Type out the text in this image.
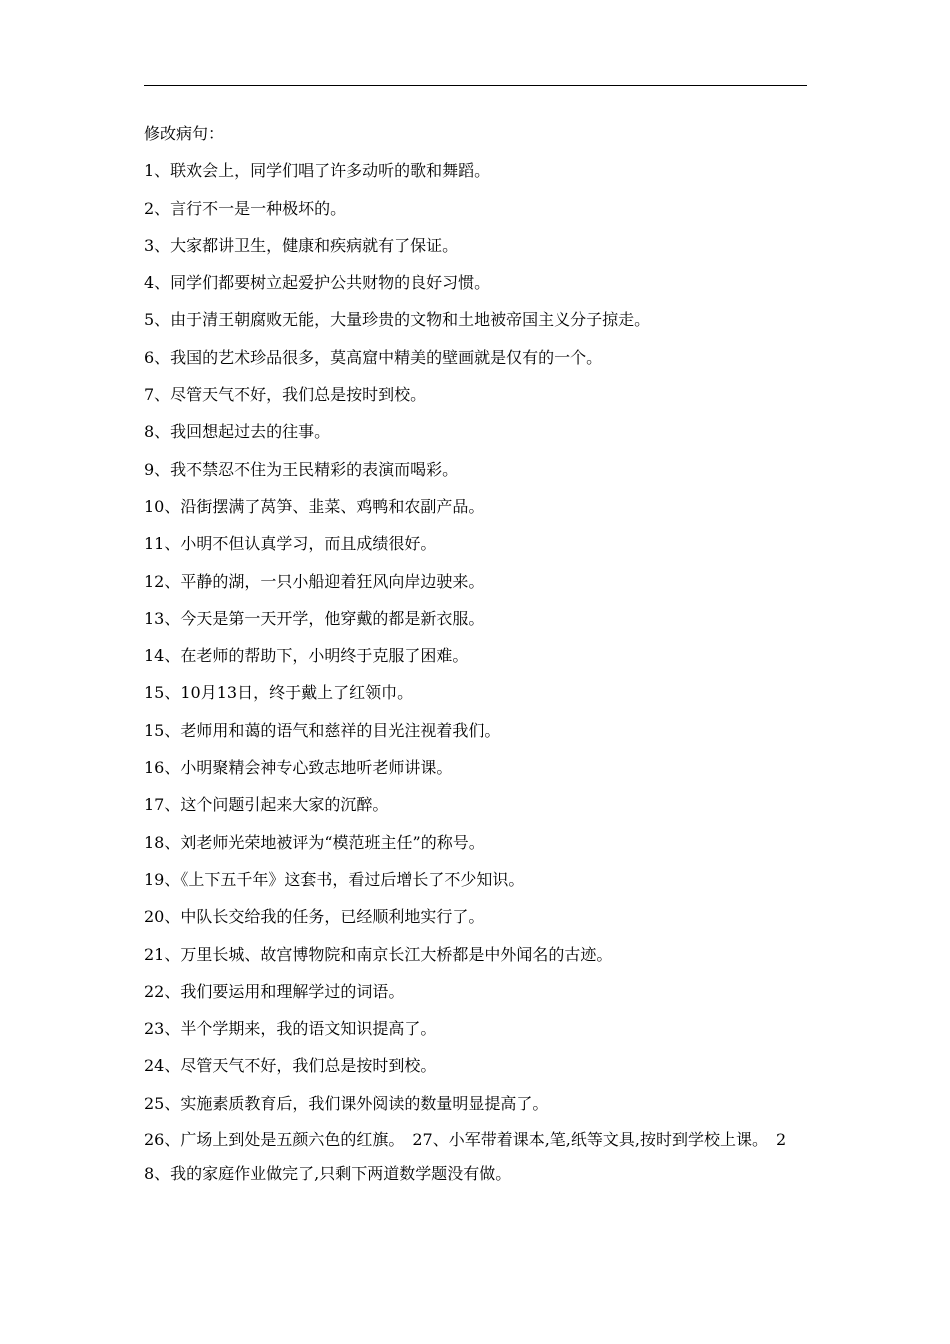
修改病句：
1、联欢会上，同学们唱了许多动听的歌和舞蹈。
2、言行不一是一种极坏的。
3、大家都讲卫生，健康和疾病就有了保证。
4、同学们都要树立起爱护公共财物的良好习惯。
5、由于清王朝腐败无能，大量珍贵的文物和土地被帝国主义分子掠走。
6、我国的艺术珍品很多，莫高窟中精美的壁画就是仅有的一个。
7、尽管天气不好，我们总是按时到校。
8、我回想起过去的往事。
9、我不禁忍不住为王民精彩的表演而喝彩。
10、沿街摆满了莴笋、韭菜、鸡鸭和农副产品。
11、小明不但认真学习，而且成绩很好。
12、平静的湖，一只小船迎着狂风向岸边驶来。
13、今天是第一天开学，他穿戴的都是新衣服。
14、在老师的帮助下，小明终于克服了困难。
15、10月13日，终于戴上了红领巾。
15、老师用和蔼的语气和慈祥的目光注视着我们。
16、小明聚精会神专心致志地听老师讲课。
17、这个问题引起来大家的沉醉。
18、刘老师光荣地被评为“模范班主任”的称号。
19、《上下五千年》这套书，看过后增长了不少知识。
20、中队长交给我的任务，已经顺利地实行了。
21、万里长城、故宫博物院和南京长江大桥都是中外闻名的古迹。
22、我们要运用和理解学过的词语。
23、半个学期来，我的语文知识提高了。
24、尽管天气不好，我们总是按时到校。
25、实施素质教育后，我们课外阅读的数量明显提高了。
26、广场上到处是五颜六色的红旗。　27、小军带着课本,笔,纸等文具,按时到学校上课。　28、我的家庭作业做完了,只剩下两道数学题没有做。
